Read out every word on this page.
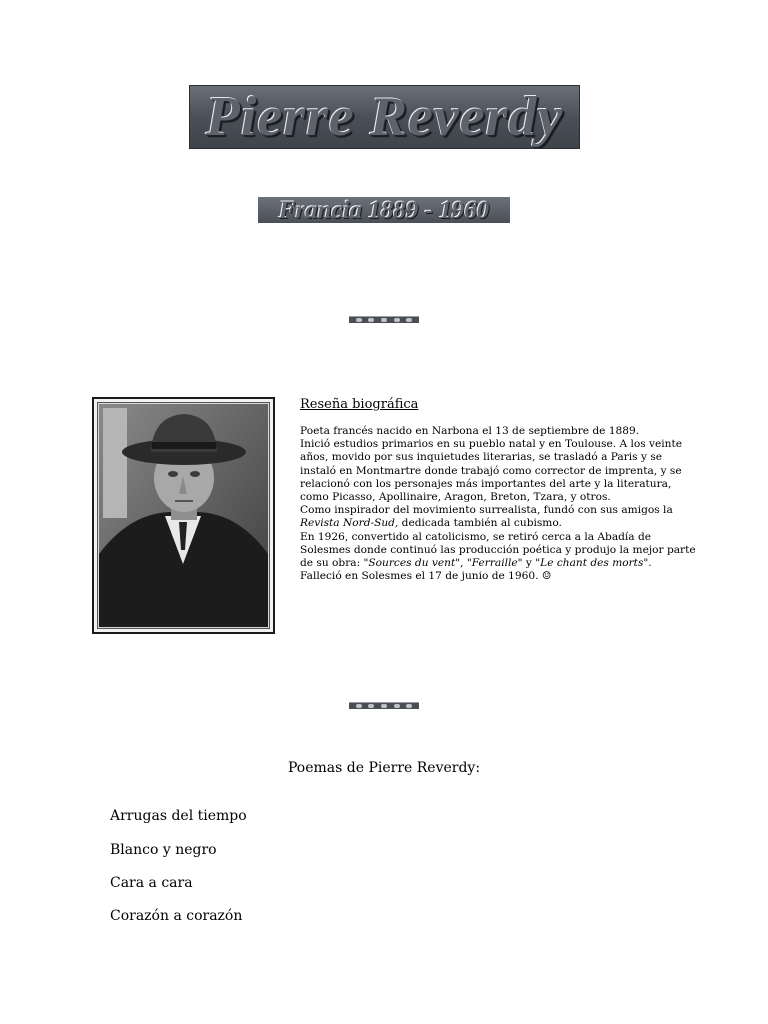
Pierre Reverdy
Francia 1889 - 1960
Reseña biográfica
Poeta francés nacido en Narbona el 13 de septiembre de 1889.
Inició estudios primarios en su pueblo natal y en Toulouse. A los veinte
años, movido por sus inquietudes literarias, se trasladó a Paris y se
instaló en Montmartre donde trabajó como corrector de imprenta, y se
relacionó con los personajes más importantes del arte y la literatura,
como Picasso, Apollinaire, Aragon, Breton, Tzara, y otros.
Como inspirador del movimiento surrealista, fundó con sus amigos la
Revista Nord-Sud, dedicada también al cubismo.
En 1926, convertido al catolicismo, se retiró cerca a la Abadía de
Solesmes donde continuó las producción poética y produjo la mejor parte
de su obra: "Sources du vent", "Ferraille" y "Le chant des morts".
Falleció en Solesmes el 17 de junio de 1960. ☺
Poemas de Pierre Reverdy:
Arrugas del tiempo
Blanco y negro
Cara a cara
Corazón a corazón
